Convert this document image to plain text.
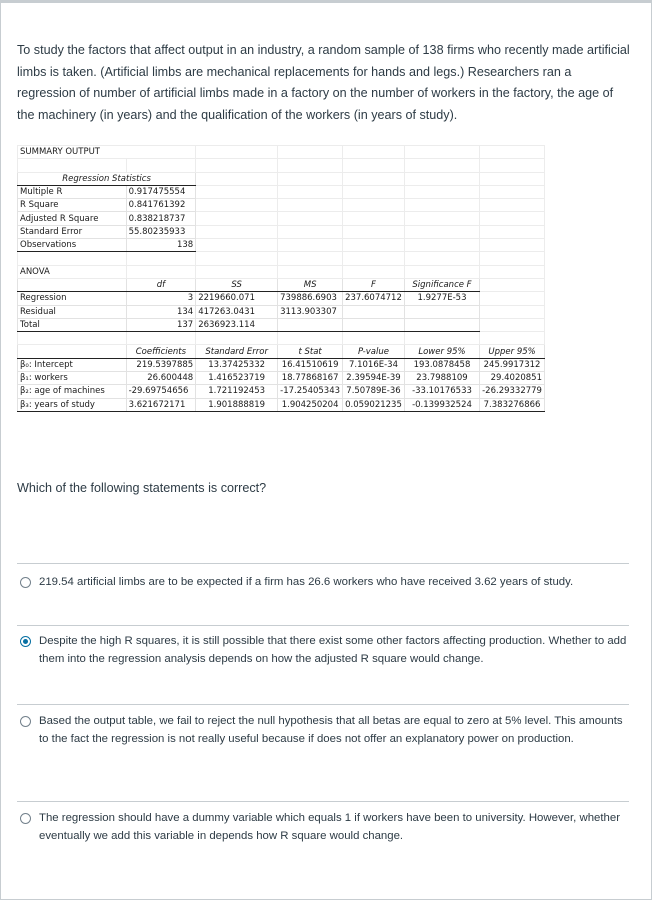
To study the factors that affect output in an industry, a random sample of 138 firms who recently made artificial limbs is taken. (Artificial limbs are mechanical replacements for hands and legs.) Researchers ran a regression of number of artificial limbs made in a factory on the number of workers in the factory, the age of the machinery (in years) and the qualification of the workers (in years of study).
SUMMARY OUTPUT						

Regression Statistics						
Multiple R	0.917475554					
R Square	0.841761392					
Adjusted R Square	0.838218737					
Standard Error	55.80235933					
Observations	138					

ANOVA						
	df	SS	MS	F	Significance F	
Regression	3	2219660.071	739886.6903	237.6074712	1.9277E-53	
Residual	134	417263.0431	3113.903307			
Total	137	2636923.114				

	Coefficients	Standard Error	t Stat	P-value	Lower 95%	Upper 95%
β₀: Intercept	219.5397885	13.37425332	16.41510619	7.1016E-34	193.0878458	245.9917312
β₁: workers	26.600448	1.416523719	18.77868167	2.39594E-39	23.7988109	29.4020851
β₂: age of machines	-29.69754656	1.721192453	-17.25405343	7.50789E-36	-33.10176533	-26.29332779
β₃: years of study	3.621672171	1.901888819	1.904250204	0.059021235	-0.139932524	7.383276866
Which of the following statements is correct?
219.54 artificial limbs are to be expected if a firm has 26.6 workers who have received 3.62 years of study.
Despite the high R squares, it is still possible that there exist some other factors affecting production. Whether to add them into the regression analysis depends on how the adjusted R square would change.
Based the output table, we fail to reject the null hypothesis that all betas are equal to zero at 5% level. This amounts to the fact the regression is not really useful because if does not offer an explanatory power on production.
The regression should have a dummy variable which equals 1 if workers have been to university. However, whether eventually we add this variable in depends how R square would change.
